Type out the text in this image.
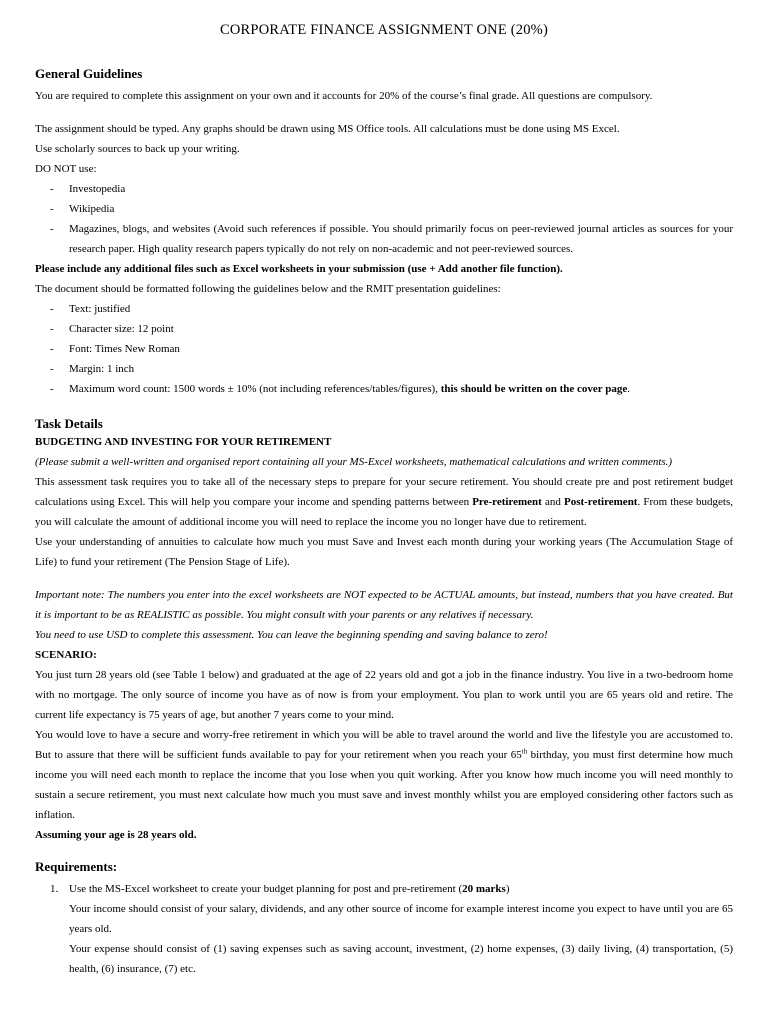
CORPORATE FINANCE ASSIGNMENT ONE (20%)
General Guidelines
You are required to complete this assignment on your own and it accounts for 20% of the course’s final grade. All questions are compulsory.
The assignment should be typed. Any graphs should be drawn using MS Office tools. All calculations must be done using MS Excel.
Use scholarly sources to back up your writing.
DO NOT use:
- Investopedia
- Wikipedia
- Magazines, blogs, and websites (Avoid such references if possible. You should primarily focus on peer-reviewed journal articles as sources for your research paper. High quality research papers typically do not rely on non-academic and not peer-reviewed sources.
Please include any additional files such as Excel worksheets in your submission (use + Add another file function).
The document should be formatted following the guidelines below and the RMIT presentation guidelines:
- Text: justified
- Character size: 12 point
- Font: Times New Roman
- Margin: 1 inch
- Maximum word count: 1500 words ± 10% (not including references/tables/figures), this should be written on the cover page.
Task Details
BUDGETING AND INVESTING FOR YOUR RETIREMENT
(Please submit a well-written and organised report containing all your MS-Excel worksheets, mathematical calculations and written comments.)
This assessment task requires you to take all of the necessary steps to prepare for your secure retirement. You should create pre and post retirement budget calculations using Excel. This will help you compare your income and spending patterns between Pre-retirement and Post-retirement. From these budgets, you will calculate the amount of additional income you will need to replace the income you no longer have due to retirement.
Use your understanding of annuities to calculate how much you must Save and Invest each month during your working years (The Accumulation Stage of Life) to fund your retirement (The Pension Stage of Life).
Important note: The numbers you enter into the excel worksheets are NOT expected to be ACTUAL amounts, but instead, numbers that you have created. But it is important to be as REALISTIC as possible. You might consult with your parents or any relatives if necessary.
You need to use USD to complete this assessment. You can leave the beginning spending and saving balance to zero!
SCENARIO:
You just turn 28 years old (see Table 1 below) and graduated at the age of 22 years old and got a job in the finance industry. You live in a two-bedroom home with no mortgage. The only source of income you have as of now is from your employment. You plan to work until you are 65 years old and retire. The current life expectancy is 75 years of age, but another 7 years come to your mind.
You would love to have a secure and worry-free retirement in which you will be able to travel around the world and live the lifestyle you are accustomed to. But to assure that there will be sufficient funds available to pay for your retirement when you reach your 65th birthday, you must first determine how much income you will need each month to replace the income that you lose when you quit working. After you know how much income you will need monthly to sustain a secure retirement, you must next calculate how much you must save and invest monthly whilst you are employed considering other factors such as inflation.
Assuming your age is 28 years old.
Requirements:
1. Use the MS-Excel worksheet to create your budget planning for post and pre-retirement (20 marks)
Your income should consist of your salary, dividends, and any other source of income for example interest income you expect to have until you are 65 years old.
Your expense should consist of (1) saving expenses such as saving account, investment, (2) home expenses, (3) daily living, (4) transportation, (5) health, (6) insurance, (7) etc.
